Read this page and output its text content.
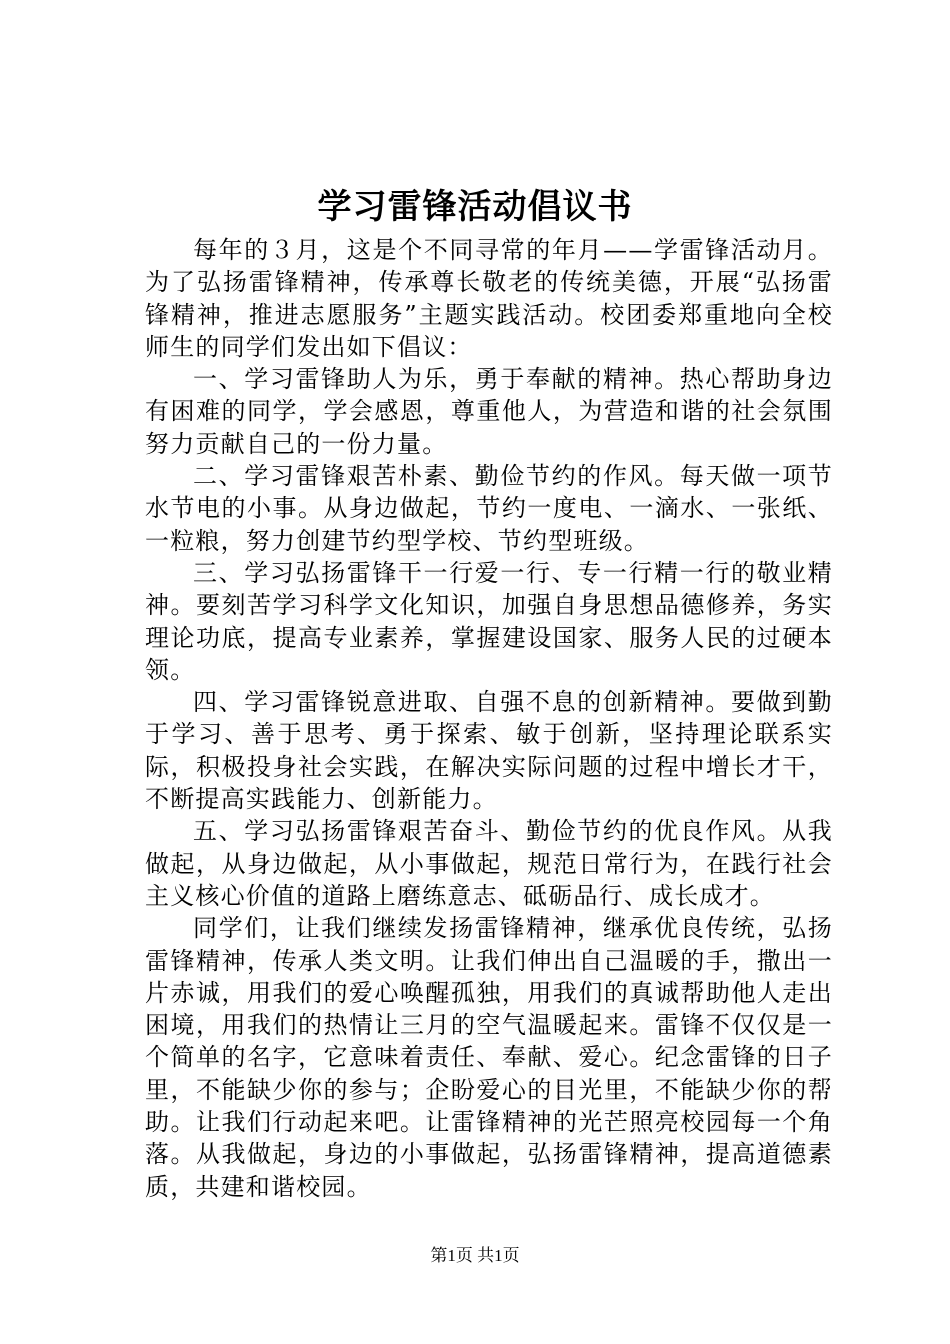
学习雷锋活动倡议书

每年的３月，这是个不同寻常的年月——学雷锋活动月。为了弘扬雷锋精神，传承尊长敬老的传统美德，开展“弘扬雷锋精神，推进志愿服务”主题实践活动。校团委郑重地向全校师生的同学们发出如下倡议：

一、学习雷锋助人为乐，勇于奉献的精神。热心帮助身边有困难的同学，学会感恩，尊重他人，为营造和谐的社会氛围努力贡献自己的一份力量。

二、学习雷锋艰苦朴素、勤俭节约的作风。每天做一项节水节电的小事。从身边做起，节约一度电、一滴水、一张纸、一粒粮，努力创建节约型学校、节约型班级。

三、学习弘扬雷锋干一行爱一行、专一行精一行的敬业精神。要刻苦学习科学文化知识，加强自身思想品德修养，务实理论功底，提高专业素养，掌握建设国家、服务人民的过硬本领。

四、学习雷锋锐意进取、自强不息的创新精神。要做到勤于学习、善于思考、勇于探索、敏于创新，坚持理论联系实际，积极投身社会实践，在解决实际问题的过程中增长才干，不断提高实践能力、创新能力。

五、学习弘扬雷锋艰苦奋斗、勤俭节约的优良作风。从我做起，从身边做起，从小事做起，规范日常行为，在践行社会主义核心价值的道路上磨练意志、砥砺品行、成长成才。

同学们，让我们继续发扬雷锋精神，继承优良传统，弘扬雷锋精神，传承人类文明。让我们伸出自己温暖的手，撒出一片赤诚，用我们的爱心唤醒孤独，用我们的真诚帮助他人走出困境，用我们的热情让三月的空气温暖起来。雷锋不仅仅是一个简单的名字，它意味着责任、奉献、爱心。纪念雷锋的日子里，不能缺少你的参与；企盼爱心的目光里，不能缺少你的帮助。让我们行动起来吧。让雷锋精神的光芒照亮校园每一个角落。从我做起，身边的小事做起，弘扬雷锋精神，提高道德素质，共建和谐校园。

第1页 共1页
